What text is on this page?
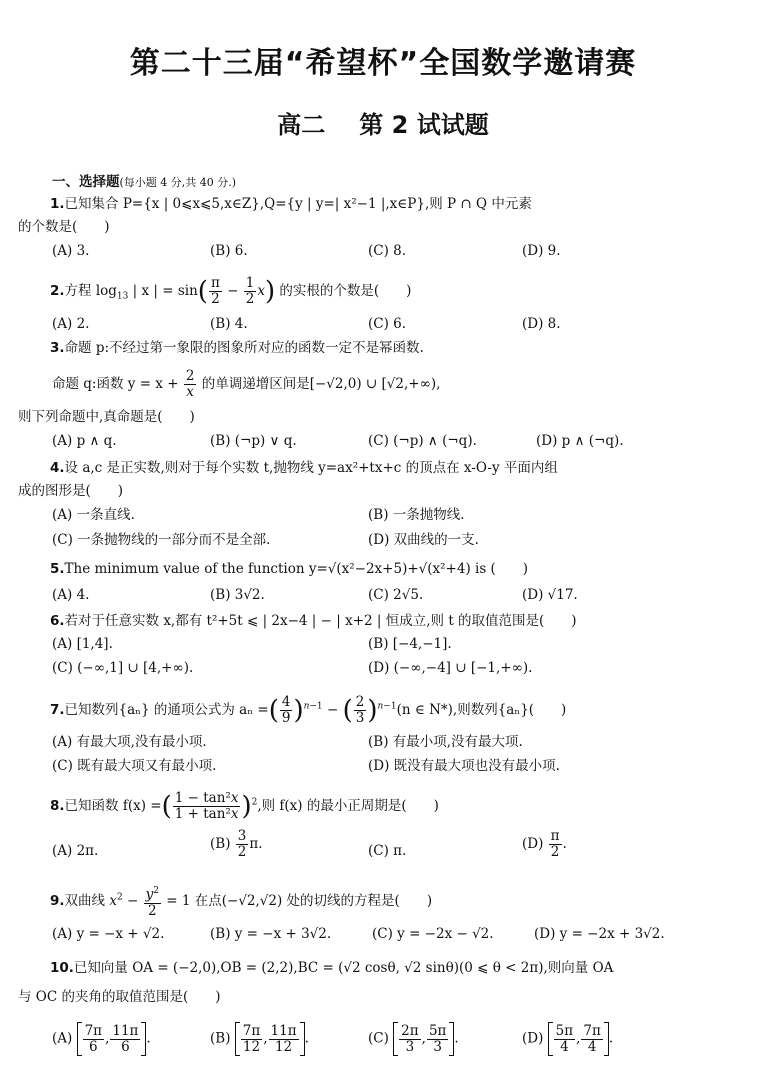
第二十三届“希望杯”全国数学邀请赛
高二 第 2 试试题
一、选择题(每小题 4 分,共 40 分.)
1.已知集合 P={x | 0⩽x⩽5,x∈Z},Q={y | y=| x²−1 |,x∈P},则 P ∩ Q 中元素
的个数是(　　)
(A) 3.	(B) 6.	(C) 8.	(D) 9.
2.方程 $\log_{13}$ | x | = $\sin( \frac{\pi}{2} - \frac{1}{2} x)$ 的实根的个数是(　　)
(A) 2.	(B) 4.	(C) 6.	(D) 8.
3.命题 p:不经过第一象限的图象所对应的函数一定不是幂函数.
命题 q:函数 $y = x + \frac{2}{x}$ 的单调递增区间是[−√2,0) ∪ [√2,+∞),
则下列命题中,真命题是(　　)
(A) p ∧ q.	(B) (¬p) ∨ q.	(C) (¬p) ∧ (¬q).	(D) p ∧ (¬q).
4.设 a,c 是正实数,则对于每个实数 t,抛物线 y=ax²+tx+c 的顶点在 x-O-y 平面内组
成的图形是(　　)
(A) 一条直线.	(B) 一条抛物线.
(C) 一条抛物线的一部分而不是全部.	(D) 双曲线的一支.
5.The minimum value of the function y=√(x²−2x+5)+√(x²+4) is (　　)
(A) 4.	(B) 3√2.	(C) 2√5.	(D) √17.
6.若对于任意实数 x,都有 t²+5t ⩽ | 2x−4 | − | x+2 | 恒成立,则 t 的取值范围是(　　)
(A) [1,4].	(B) [−4,−1].
(C) (−∞,1] ∪ [4,+∞).	(D) (−∞,−4] ∪ [−1,+∞).
7.已知数列{aₙ} 的通项公式为 aₙ =( $\frac{4}{9} )^{n-1}$ − ( $\frac{2}{3} )^{n-1}(n$ ∈ N*),则数列{aₙ}(　　)
(A) 有最大项,没有最小项.	(B) 有最小项,没有最大项.
(C) 既有最大项又有最小项.	(D) 既没有最大项也没有最小项.
8.已知函数 f(x) =( $\frac{\text{1 − tan²x}}{\text{1 + tan²x}} )^2$,则 f(x) 的最小正周期是(　　)
(A) 2π.	$(B) \frac{3}{2} \pi$.	(C) π.	$(D) \frac{\pi}{2}$ .
9.双曲线 $x^2 - \frac{y^2}{2} = 1$ 在点(−√2,√2) 处的切线的方程是(　　)
(A) y = −x + √2.	(B) y = −x + 3√2.	(C) y = −2x − √2.	(D) y = −2x + 3√2.
10.已知向量 OA = (−2,0),OB = (2,2),BC = (√2 cosθ, √2 sinθ)(0 ⩽ θ < 2π),则向量 OA
与 OC 的夹角的取值范围是(　　)
$(A) \frac{7\pi}{6}$ , $\frac{11\pi}{6}$ .	$(B) \frac{7\pi}{12}$ , $\frac{11\pi}{12}$ .	$(C) \frac{2\pi}{3}$ , $\frac{5\pi}{3}$ .	$(D) \frac{5\pi}{4}$ , $\frac{7\pi}{4}$ .
